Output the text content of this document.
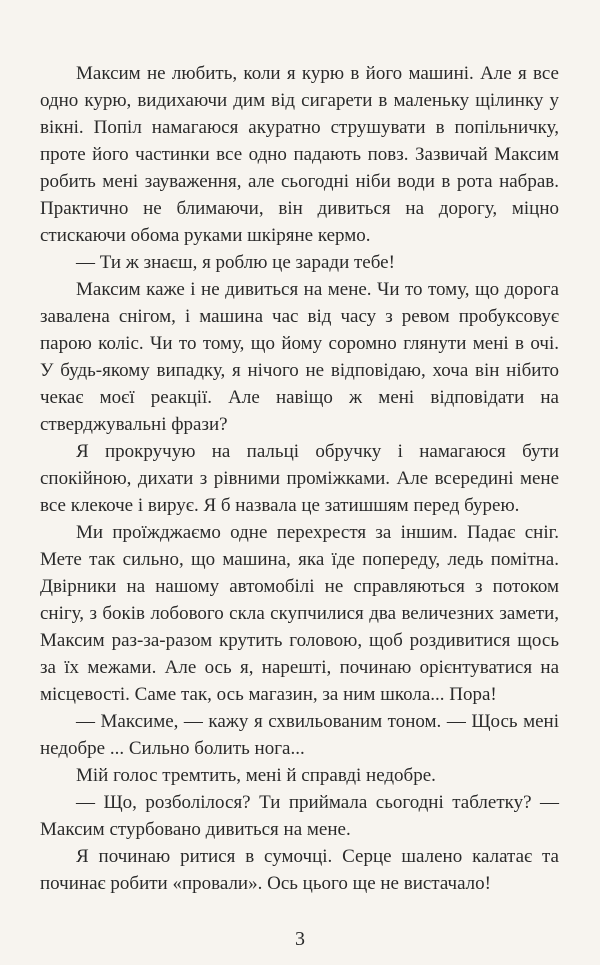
Максим не любить, коли я курю в його машині. Але я все одно курю, видихаючи дим від сигарети в маленьку щілинку у вікні. Попіл намагаюся акуратно струшувати в попільничку, проте його частинки все одно падають повз. Зазвичай Максим робить мені зауваження, але сьогодні ніби води в рота набрав. Практично не блимаючи, він дивиться на дорогу, міцно стискаючи обома руками шкіряне кермо.

— Ти ж знаєш, я роблю це заради тебе!

Максим каже і не дивиться на мене. Чи то тому, що дорога завалена снігом, і машина час від часу з ревом пробуксовує парою коліс. Чи то тому, що йому соромно глянути мені в очі. У будь-якому випадку, я нічого не відповідаю, хоча він нібито чекає моєї реакції. Але навіщо ж мені відповідати на стверджувальні фрази?

Я прокручую на пальці обручку і намагаюся бути спокійною, дихати з рівними проміжками. Але всередині мене все клекоче і вирує. Я б назвала це затишшям перед бурею.

Ми проїжджаємо одне перехрестя за іншим. Падає сніг. Мете так сильно, що машина, яка їде попереду, ледь помітна. Двірники на нашому автомобілі не справляються з потоком снігу, з боків лобового скла скупчилися два величезних замети, Максим раз-за-разом крутить головою, щоб роздивитися щось за їх межами. Але ось я, нарешті, починаю орієнтуватися на місцевості. Саме так, ось магазин, за ним школа... Пора!

— Максиме, — кажу я схвильованим тоном. — Щось мені недобре ... Сильно болить нога...

Мій голос тремтить, мені й справді недобре.

— Що, розболілося? Ти приймала сьогодні таблетку? — Максим стурбовано дивиться на мене.

Я починаю ритися в сумочці. Серце шалено калатає та починає робити «провали». Ось цього ще не вистачало!

3
